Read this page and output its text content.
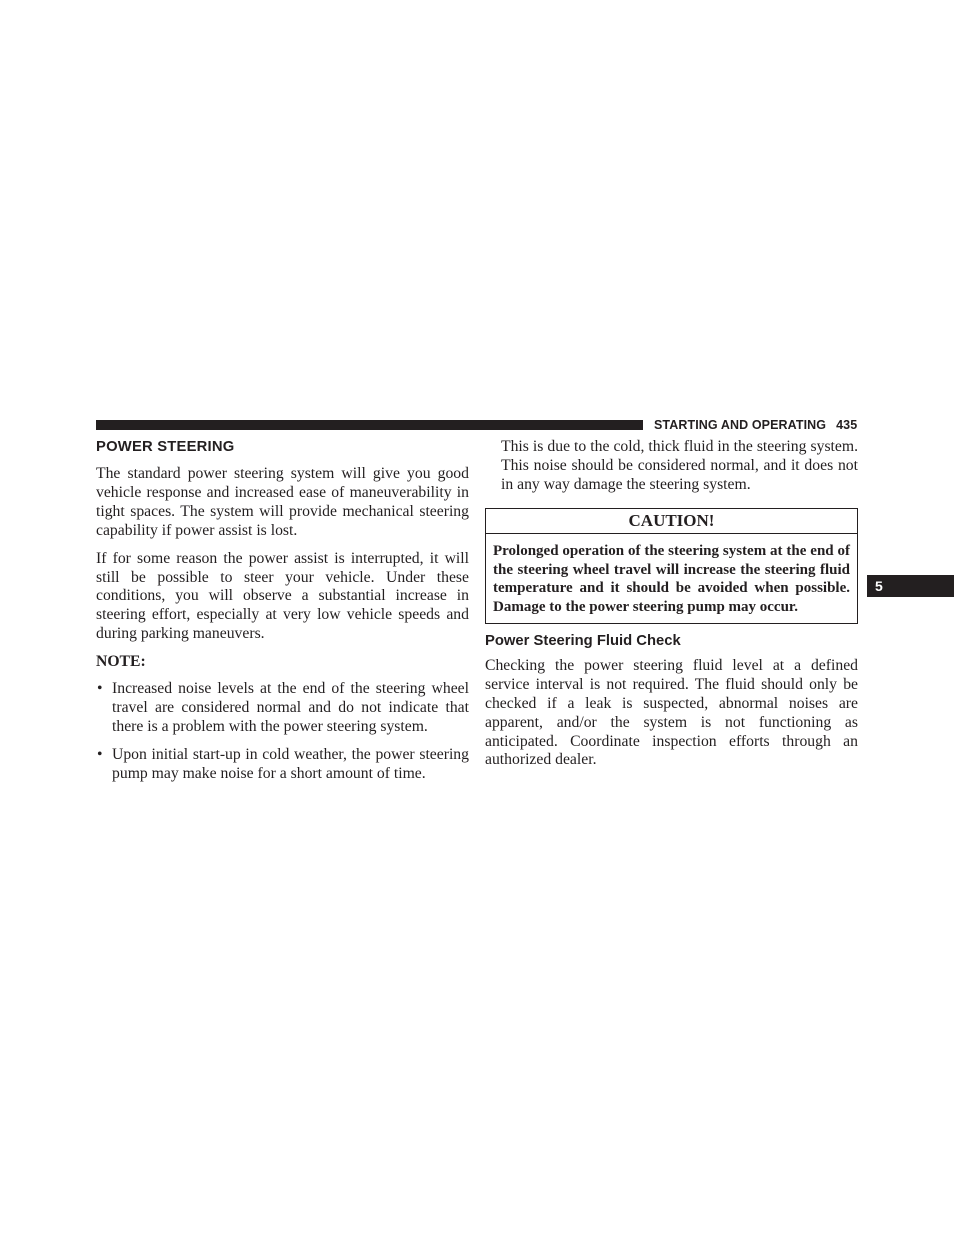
STARTING AND OPERATING 435
5
POWER STEERING

The standard power steering system will give you good vehicle response and increased ease of maneuverability in tight spaces. The system will provide mechanical steering capability if power assist is lost.

If for some reason the power assist is interrupted, it will still be possible to steer your vehicle. Under these conditions, you will observe a substantial increase in steering effort, especially at very low vehicle speeds and during parking maneuvers.

NOTE:
• Increased noise levels at the end of the steering wheel travel are considered normal and do not indicate that there is a problem with the power steering system.
• Upon initial start-up in cold weather, the power steering pump may make noise for a short amount of time.

This is due to the cold, thick fluid in the steering system. This noise should be considered normal, and it does not in any way damage the steering system.

CAUTION!
Prolonged operation of the steering system at the end of the steering wheel travel will increase the steering fluid temperature and it should be avoided when possible. Damage to the power steering pump may occur.
Power Steering Fluid Check

Checking the power steering fluid level at a defined service interval is not required. The fluid should only be checked if a leak is suspected, abnormal noises are apparent, and/or the system is not functioning as anticipated. Coordinate inspection efforts through an authorized dealer.
